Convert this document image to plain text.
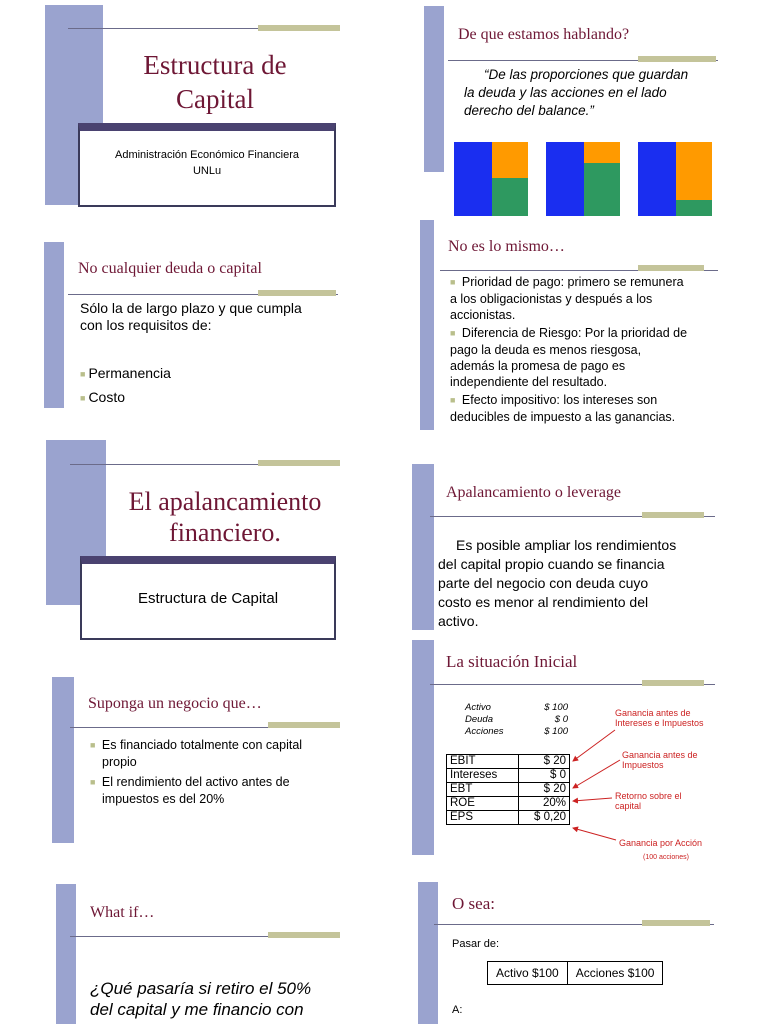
Estructura de
Capital
Administración Económico Financiera
UNLu
De que estamos hablando?
“De las proporciones que guardan
la deuda y las acciones en el lado
derecho del balance.”
No cualquier deuda o capital
Sólo la de largo plazo y que cumpla
con los requisitos de:
■ Permanencia
■ Costo
No es lo mismo…
■ Prioridad de pago: primero se remunera
a los obligacionistas y después a los
accionistas.
■ Diferencia de Riesgo: Por la prioridad de
pago la deuda es menos riesgosa,
además la promesa de pago es
independiente del resultado.
■ Efecto impositivo: los intereses son
deducibles de impuesto a las ganancias.
El apalancamiento
financiero.
Estructura de Capital
Apalancamiento o leverage
Es posible ampliar los rendimientos
del capital propio cuando se financia
parte del negocio con deuda cuyo
costo es menor al rendimiento del
activo.
Suponga un negocio que…
■ Es financiado totalmente con capital
propio
■ El rendimiento del activo antes de
impuestos es del 20%
La situación Inicial
Activo	$ 100
Deuda	$ 0
Acciones	$ 100
EBIT	$ 20
Intereses	$ 0
EBT	$ 20
ROE	20%
EPS	$ 0,20
Ganancia antes de
Intereses e Impuestos
Ganancia antes de
Impuestos
Retorno sobre el
capital
Ganancia por Acción
(100 acciones)
What if…
¿Qué pasaría si retiro el 50%
del capital y me financio con
O sea:
Pasar de:
Activo $100	Acciones $100
A:
